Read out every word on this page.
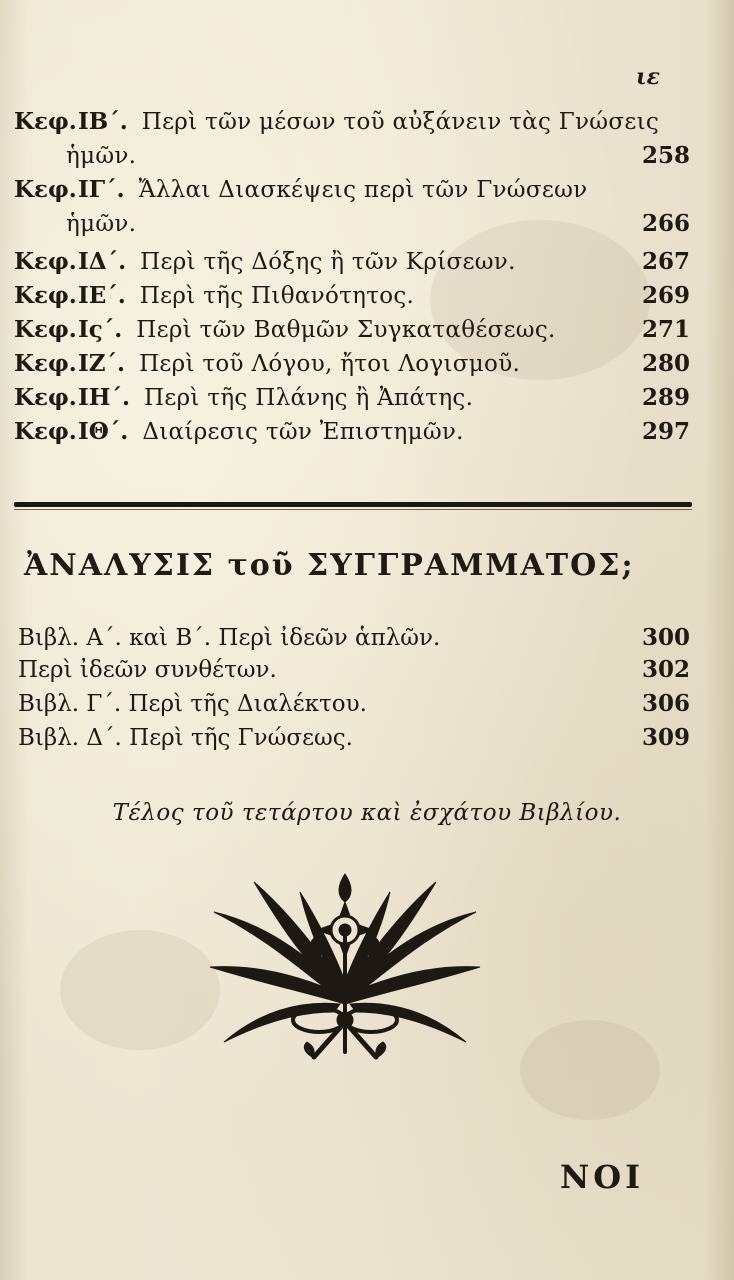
ιε
Κεφ. ΙΒ΄. Περὶ τῶν μέσων τοῦ αὐξάνειν τὰς Γνώσεις
ἡμῶν.	258
Κεφ. ΙΓ΄. Ἄλλαι Διασκέψεις περὶ τῶν Γνώσεων
ἡμῶν.	266
Κεφ. ΙΔ΄. Περὶ τῆς Δόξης ἢ τῶν Κρίσεων.	267
Κεφ. ΙΕ΄. Περὶ τῆς Πιθανότητος.	269
Κεφ. Ις΄. Περὶ τῶν Βαθμῶν Συγκαταθέσεως.	271
Κεφ. ΙΖ΄. Περὶ τοῦ Λόγου, ἤτοι Λογισμοῦ.	280
Κεφ. ΙΗ΄. Περὶ τῆς Πλάνης ἢ Ἀπάτης.	289
Κεφ. ΙΘ΄. Διαίρεσις τῶν Ἐπιστημῶν.	297
ἈΝΑΛΥΣΙΣ τοῦ ΣΥΓΓΡΑΜΜΑΤΟΣ;
Βιβλ. Α΄. καὶ Β΄. Περὶ ἰδεῶν ἁπλῶν.	300
Περὶ ἰδεῶν συνθέτων.	302
Βιβλ. Γ΄. Περὶ τῆς Διαλέκτου.	306
Βιβλ. Δ΄. Περὶ τῆς Γνώσεως.	309
Τέλος τοῦ τετάρτου καὶ ἐσχάτου Βιβλίου.
ΝΟΙ
